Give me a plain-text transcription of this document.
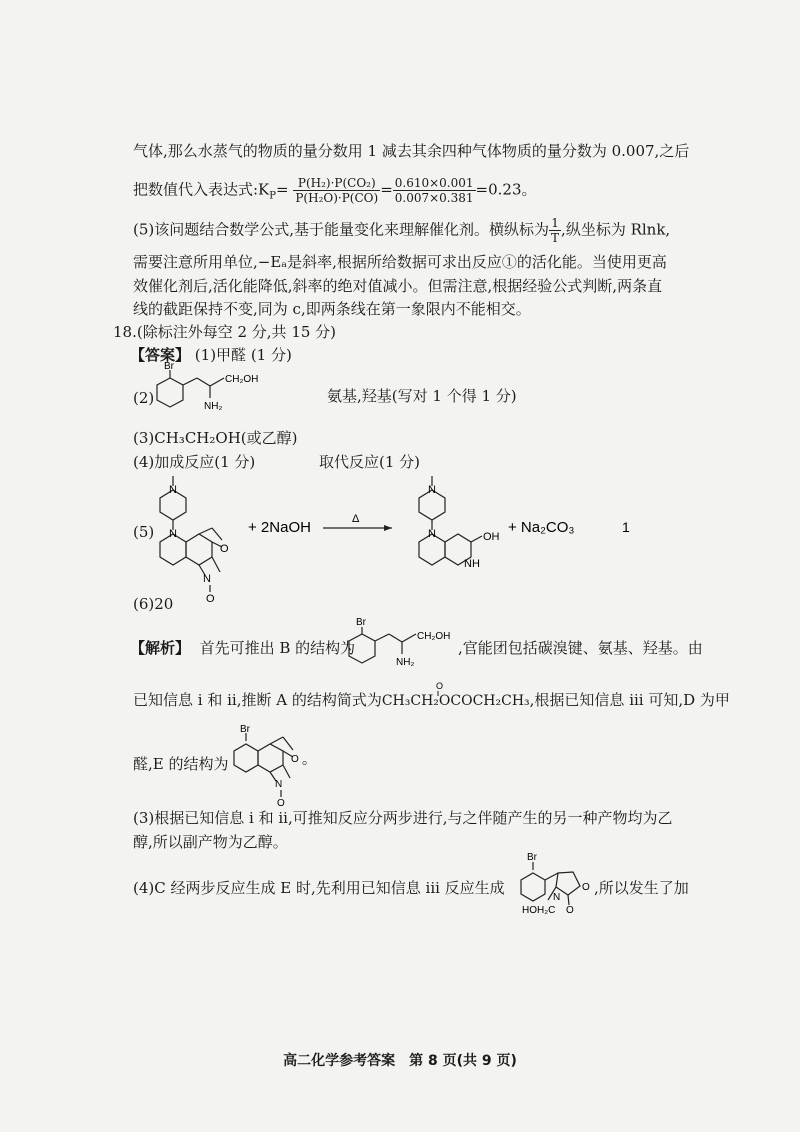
气体,那么水蒸气的物质的量分数用 1 减去其余四种气体物质的量分数为 0.007,之后
把数值代入表达式$:K_P= \frac{\text{P(H₂)·P(CO₂)}}{\text{P(H₂O)·P(CO)}} = \frac{0.610\times 0.001}{0.007\times 0.381} =0.23$。
(5)该问题结合数学公式,基于能量变化来理解催化剂。横纵标为 $\frac{1}{T}$ ,纵坐标为 Rlnk,
需要注意所用单位,−Eₐ是斜率,根据所给数据可求出反应①的活化能。当使用更高
效催化剂后,活化能降低,斜率的绝对值减小。但需注意,根据经验公式判断,两条直
线的截距保持不变,同为 c,即两条线在第一象限内不能相交。
18.(除标注外每空 2 分,共 15 分)
【答案】 (1)甲醛 (1 分)
(2)
Br
CH₂OH
NH₂
氨基,羟基(写对 1 个得 1 分)
(3)CH₃CH₂OH(或乙醇)
(4)加成反应(1 分)	取代反应(1 分)
(5)
N
N
O
N
O
+ 2NaOH	Δ
N
N	OH
NH
+ Na₂CO₃	1
(6)20
【解析】 首先可推出 B 的结构为
Br
CH₂OH
NH₂
,官能团包括碳溴键、氨基、羟基。由
已知信息 i 和 ii,推断 A 的结构简式为CH₃CH₂OCOCH₂CH₃,根据已知信息 iii 可知,D 为甲
O
醛,E 的结构为
Br
O
N
O
。
(3)根据已知信息 i 和 ii,可推知反应分两步进行,与之伴随产生的另一种产物均为乙
醇,所以副产物为乙醇。
(4)C 经两步反应生成 E 时,先利用已知信息 iii 反应生成
Br
O
N
O
HOH₂C
,所以发生了加
高二化学参考答案　第 8 页(共 9 页)
